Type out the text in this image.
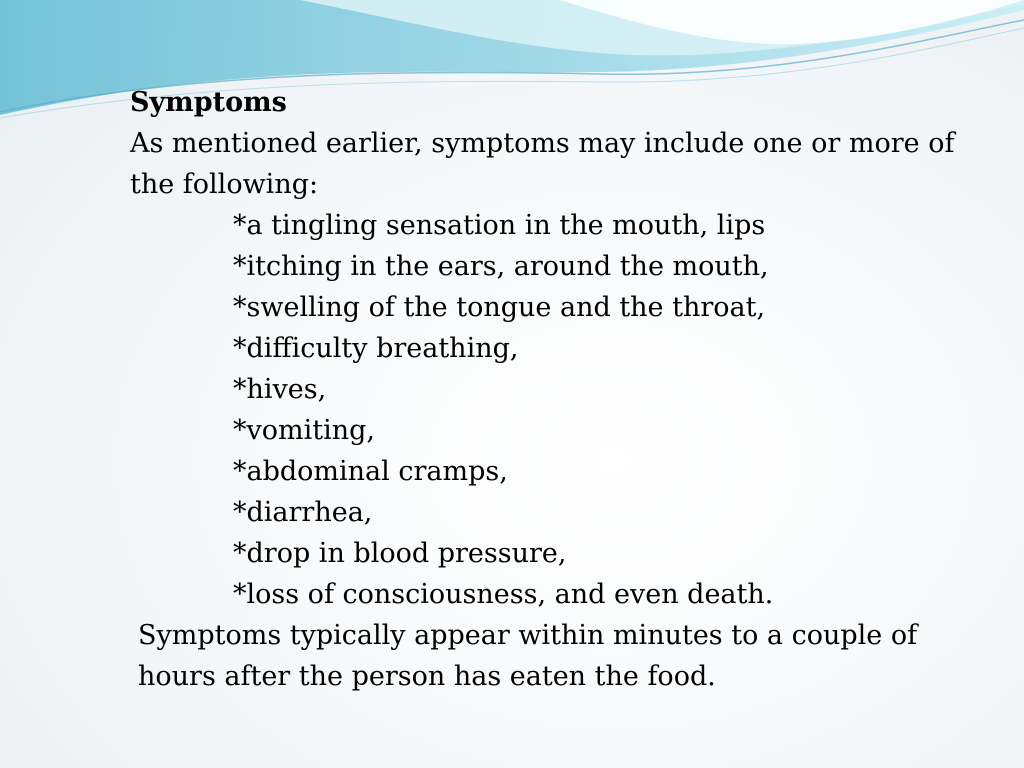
Symptoms

As mentioned earlier, symptoms may include one or more of the following:

*a tingling sensation in the mouth, lips
*itching in the ears, around the mouth,
*swelling of the tongue and the throat,
*difficulty breathing,
*hives,
*vomiting,
*abdominal cramps,
*diarrhea,
*drop in blood pressure,
*loss of consciousness, and even death.

Symptoms typically appear within minutes to a couple of hours after the person has eaten the food.
